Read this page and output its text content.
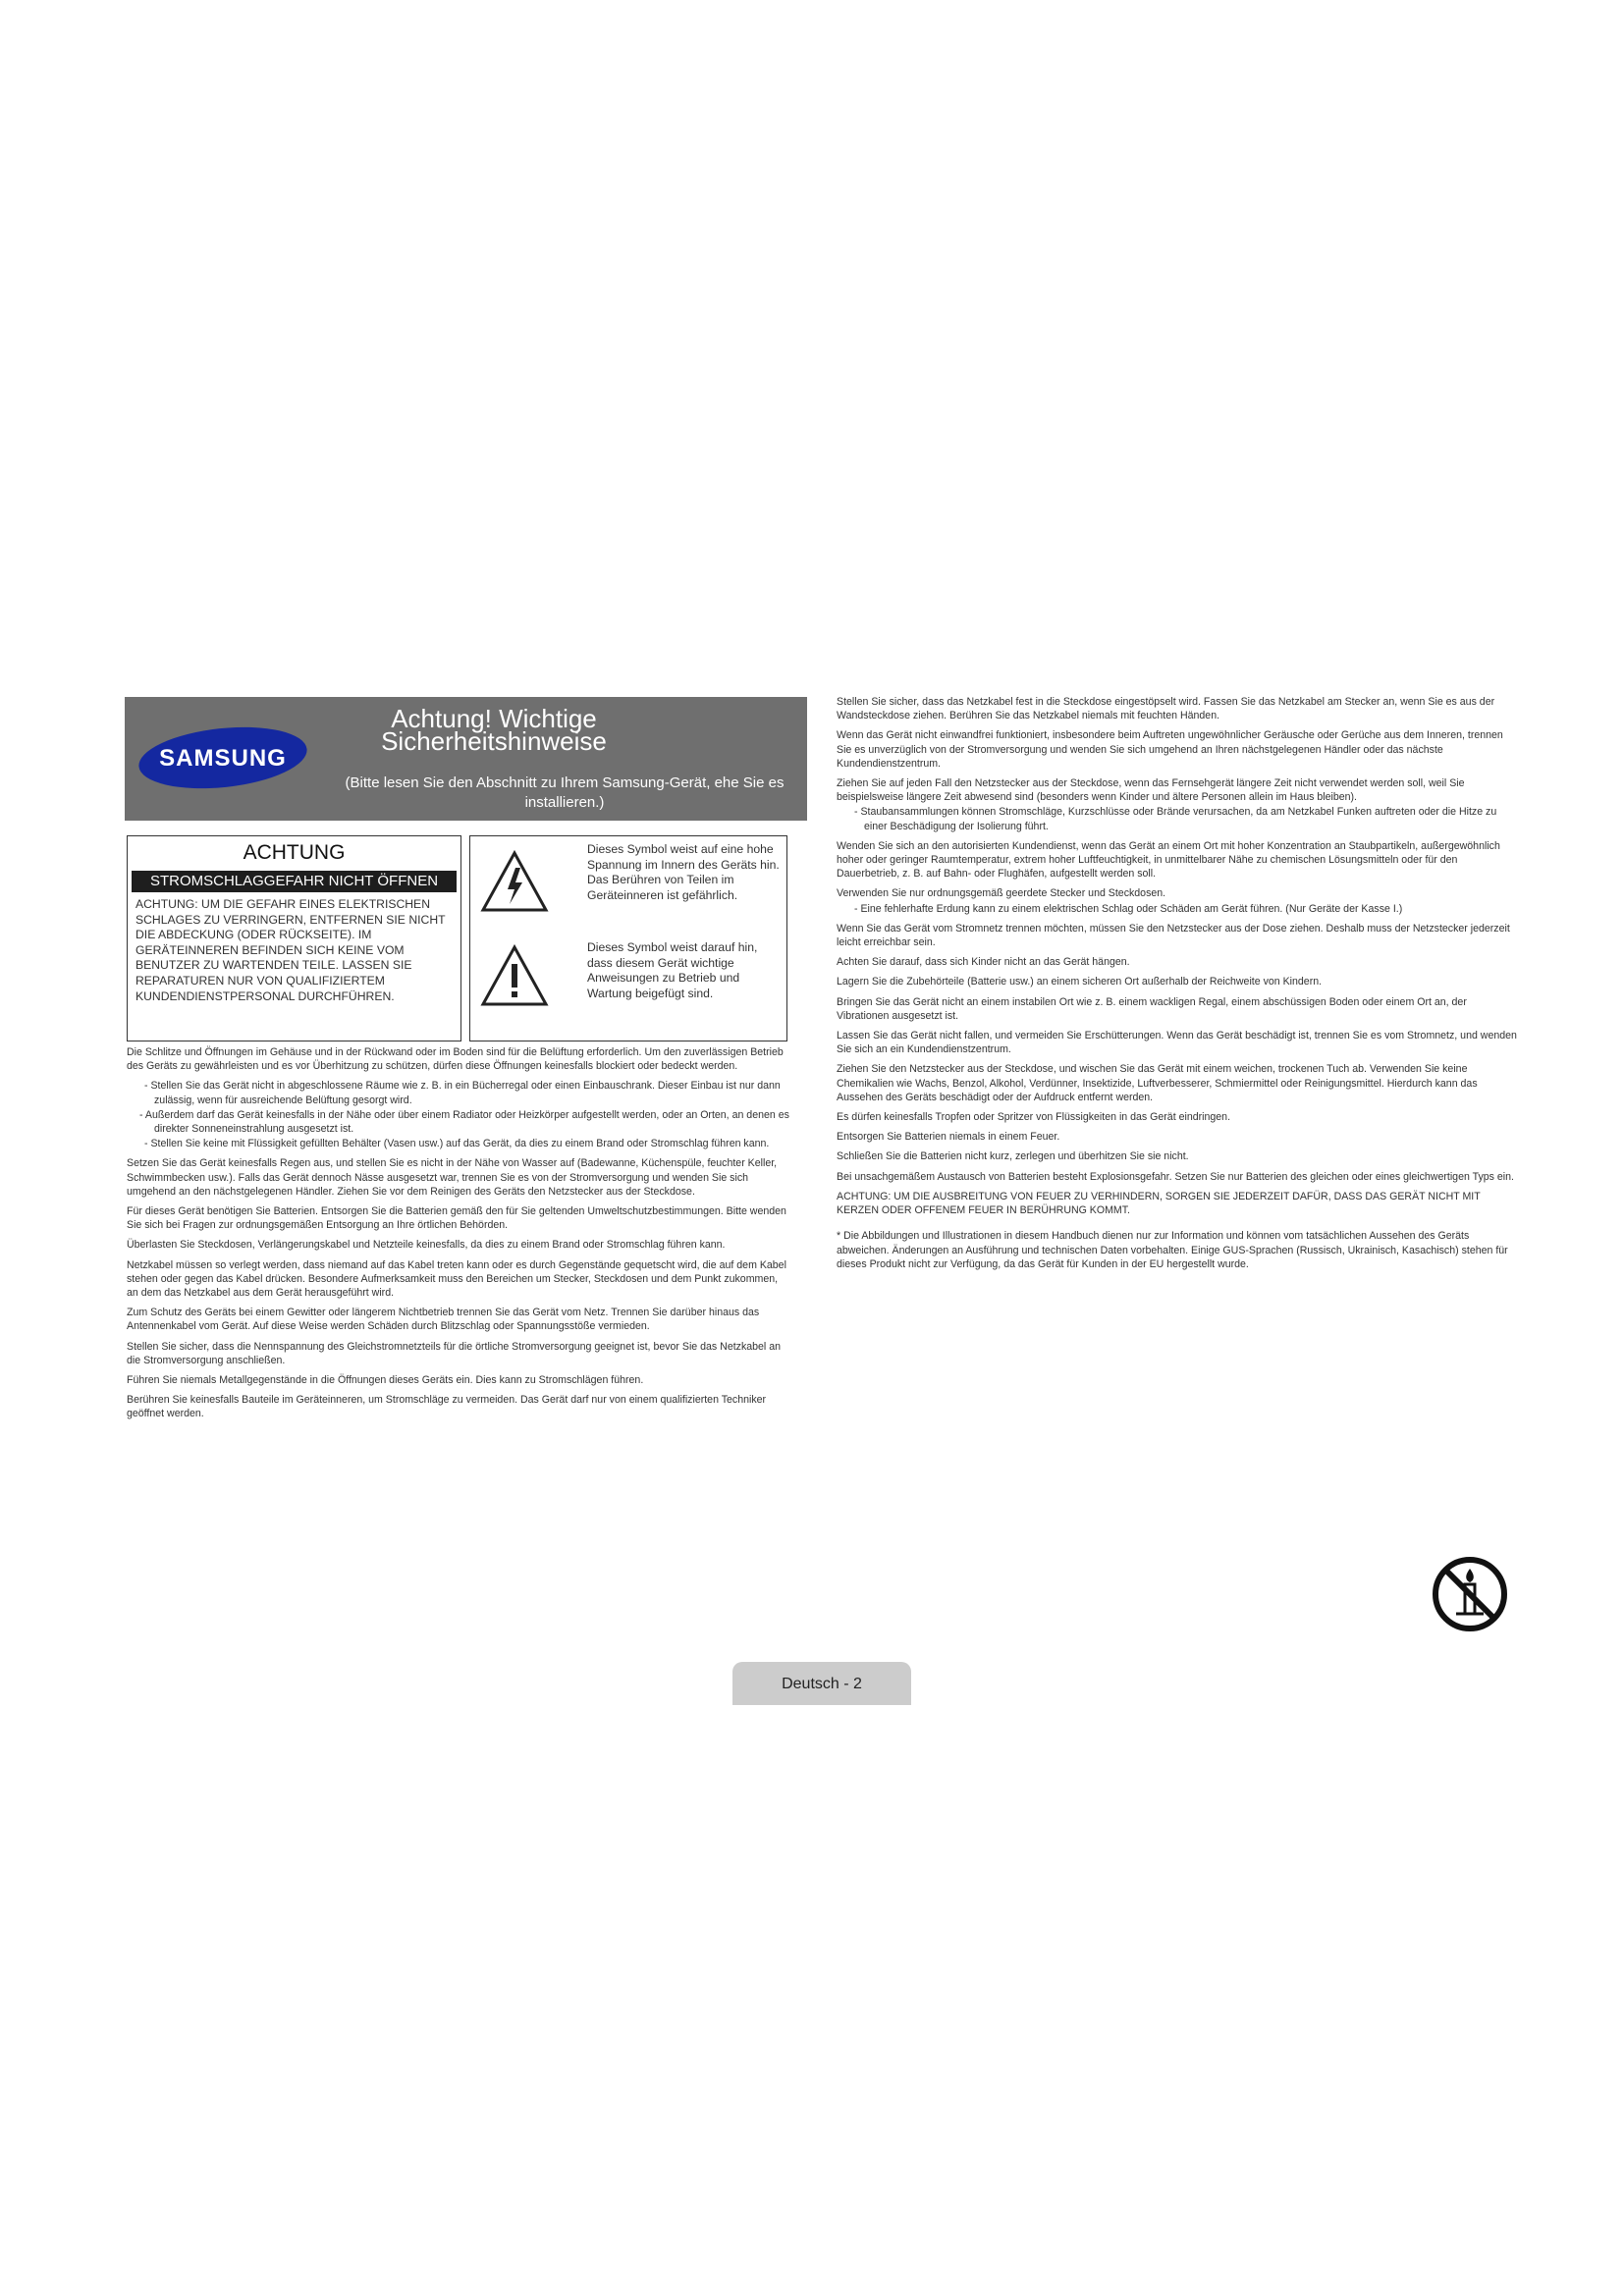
SAMSUNG
Achtung! Wichtige
Sicherheitshinweise
(Bitte lesen Sie den Abschnitt zu Ihrem Samsung-Gerät, ehe Sie es installieren.)
ACHTUNG
STROMSCHLAGGEFAHR NICHT ÖFFNEN
ACHTUNG: UM DIE GEFAHR EINES ELEKTRISCHEN SCHLAGES ZU VERRINGERN, ENTFERNEN SIE NICHT DIE ABDECKUNG (ODER RÜCKSEITE). IM GERÄTEINNEREN BEFINDEN SICH KEINE VOM BENUTZER ZU WARTENDEN TEILE. LASSEN SIE REPARATUREN NUR VON QUALIFIZIERTEM KUNDENDIENSTPERSONAL DURCHFÜHREN.
Dieses Symbol weist auf eine hohe Spannung im Innern des Geräts hin. Das Berühren von Teilen im Geräteinneren ist gefährlich.
Dieses Symbol weist darauf hin, dass diesem Gerät wichtige Anweisungen zu Betrieb und Wartung beigefügt sind.

Die Schlitze und Öffnungen im Gehäuse und in der Rückwand oder im Boden sind für die Belüftung erforderlich. Um den zuverlässigen Betrieb des Geräts zu gewährleisten und es vor Überhitzung zu schützen, dürfen diese Öffnungen keinesfalls blockiert oder bedeckt werden.

- Stellen Sie das Gerät nicht in abgeschlossene Räume wie z. B. in ein Bücherregal oder einen Einbauschrank. Dieser Einbau ist nur dann zulässig, wenn für ausreichende Belüftung gesorgt wird.

- Außerdem darf das Gerät keinesfalls in der Nähe oder über einem Radiator oder Heizkörper aufgestellt werden, oder an Orten, an denen es direkter Sonneneinstrahlung ausgesetzt ist.

- Stellen Sie keine mit Flüssigkeit gefüllten Behälter (Vasen usw.) auf das Gerät, da dies zu einem Brand oder Stromschlag führen kann.

Setzen Sie das Gerät keinesfalls Regen aus, und stellen Sie es nicht in der Nähe von Wasser auf (Badewanne, Küchenspüle, feuchter Keller, Schwimmbecken usw.). Falls das Gerät dennoch Nässe ausgesetzt war, trennen Sie es von der Stromversorgung und wenden Sie sich umgehend an den nächstgelegenen Händler. Ziehen Sie vor dem Reinigen des Geräts den Netzstecker aus der Steckdose.

Für dieses Gerät benötigen Sie Batterien. Entsorgen Sie die Batterien gemäß den für Sie geltenden Umweltschutzbestimmungen. Bitte wenden Sie sich bei Fragen zur ordnungsgemäßen Entsorgung an Ihre örtlichen Behörden.

Überlasten Sie Steckdosen, Verlängerungskabel und Netzteile keinesfalls, da dies zu einem Brand oder Stromschlag führen kann.

Netzkabel müssen so verlegt werden, dass niemand auf das Kabel treten kann oder es durch Gegenstände gequetscht wird, die auf dem Kabel stehen oder gegen das Kabel drücken. Besondere Aufmerksamkeit muss den Bereichen um Stecker, Steckdosen und dem Punkt zukommen, an dem das Netzkabel aus dem Gerät herausgeführt wird.

Zum Schutz des Geräts bei einem Gewitter oder längerem Nichtbetrieb trennen Sie das Gerät vom Netz. Trennen Sie darüber hinaus das Antennenkabel vom Gerät. Auf diese Weise werden Schäden durch Blitzschlag oder Spannungsstöße vermieden.

Stellen Sie sicher, dass die Nennspannung des Gleichstromnetzteils für die örtliche Stromversorgung geeignet ist, bevor Sie das Netzkabel an die Stromversorgung anschließen.

Führen Sie niemals Metallgegenstände in die Öffnungen dieses Geräts ein. Dies kann zu Stromschlägen führen.

Berühren Sie keinesfalls Bauteile im Geräteinneren, um Stromschläge zu vermeiden. Das Gerät darf nur von einem qualifizierten Techniker geöffnet werden.

Stellen Sie sicher, dass das Netzkabel fest in die Steckdose eingestöpselt wird. Fassen Sie das Netzkabel am Stecker an, wenn Sie es aus der Wandsteckdose ziehen. Berühren Sie das Netzkabel niemals mit feuchten Händen.

Wenn das Gerät nicht einwandfrei funktioniert, insbesondere beim Auftreten ungewöhnlicher Geräusche oder Gerüche aus dem Inneren, trennen Sie es unverzüglich von der Stromversorgung und wenden Sie sich umgehend an Ihren nächstgelegenen Händler oder das nächste Kundendienstzentrum.

Ziehen Sie auf jeden Fall den Netzstecker aus der Steckdose, wenn das Fernsehgerät längere Zeit nicht verwendet werden soll, weil Sie beispielsweise längere Zeit abwesend sind (besonders wenn Kinder und ältere Personen allein im Haus bleiben).

- Staubansammlungen können Stromschläge, Kurzschlüsse oder Brände verursachen, da am Netzkabel Funken auftreten oder die Hitze zu einer Beschädigung der Isolierung führt.

Wenden Sie sich an den autorisierten Kundendienst, wenn das Gerät an einem Ort mit hoher Konzentration an Staubpartikeln, außergewöhnlich hoher oder geringer Raumtemperatur, extrem hoher Luftfeuchtigkeit, in unmittelbarer Nähe zu chemischen Lösungsmitteln oder für den Dauerbetrieb, z. B. auf Bahn- oder Flughäfen, aufgestellt werden soll.

Verwenden Sie nur ordnungsgemäß geerdete Stecker und Steckdosen.

- Eine fehlerhafte Erdung kann zu einem elektrischen Schlag oder Schäden am Gerät führen. (Nur Geräte der Kasse I.)

Wenn Sie das Gerät vom Stromnetz trennen möchten, müssen Sie den Netzstecker aus der Dose ziehen. Deshalb muss der Netzstecker jederzeit leicht erreichbar sein.

Achten Sie darauf, dass sich Kinder nicht an das Gerät hängen.

Lagern Sie die Zubehörteile (Batterie usw.) an einem sicheren Ort außerhalb der Reichweite von Kindern.

Bringen Sie das Gerät nicht an einem instabilen Ort wie z. B. einem wackligen Regal, einem abschüssigen Boden oder einem Ort an, der Vibrationen ausgesetzt ist.

Lassen Sie das Gerät nicht fallen, und vermeiden Sie Erschütterungen. Wenn das Gerät beschädigt ist, trennen Sie es vom Stromnetz, und wenden Sie sich an ein Kundendienstzentrum.

Ziehen Sie den Netzstecker aus der Steckdose, und wischen Sie das Gerät mit einem weichen, trockenen Tuch ab. Verwenden Sie keine Chemikalien wie Wachs, Benzol, Alkohol, Verdünner, Insektizide, Luftverbesserer, Schmiermittel oder Reinigungsmittel. Hierdurch kann das Aussehen des Geräts beschädigt oder der Aufdruck entfernt werden.

Es dürfen keinesfalls Tropfen oder Spritzer von Flüssigkeiten in das Gerät eindringen.

Entsorgen Sie Batterien niemals in einem Feuer.

Schließen Sie die Batterien nicht kurz, zerlegen und überhitzen Sie sie nicht.

Bei unsachgemäßem Austausch von Batterien besteht Explosionsgefahr. Setzen Sie nur Batterien des gleichen oder eines gleichwertigen Typs ein.

ACHTUNG: UM DIE AUSBREITUNG VON FEUER ZU VERHINDERN, SORGEN SIE JEDERZEIT DAFÜR, DASS DAS GERÄT NICHT MIT KERZEN ODER OFFENEM FEUER IN BERÜHRUNG KOMMT.

* Die Abbildungen und Illustrationen in diesem Handbuch dienen nur zur Information und können vom tatsächlichen Aussehen des Geräts abweichen. Änderungen an Ausführung und technischen Daten vorbehalten. Einige GUS-Sprachen (Russisch, Ukrainisch, Kasachisch) stehen für dieses Produkt nicht zur Verfügung, da das Gerät für Kunden in der EU hergestellt wurde.

Deutsch - 2
